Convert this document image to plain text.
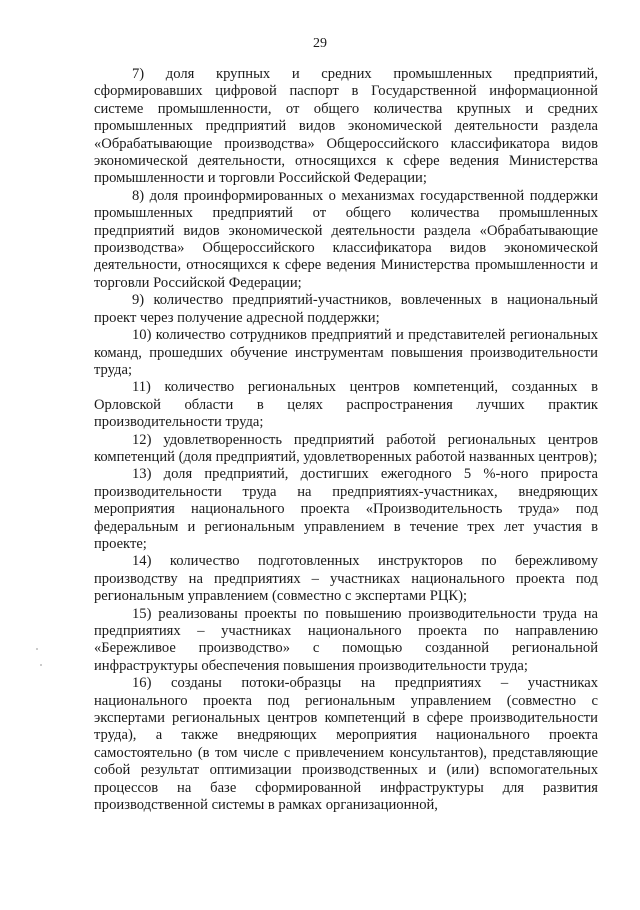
29

7)  доля  крупных  и  средних  промышленных  предприятий, сформировавших цифровой паспорт в Государственной информационной системе промышленности, от общего количества крупных и средних промышленных предприятий видов экономической деятельности раздела «Обрабатывающие производства» Общероссийского классификатора видов экономической деятельности, относящихся к сфере ведения Министерства промышленности и торговли Российской Федерации;

8) доля проинформированных о механизмах государственной поддержки промышленных предприятий от общего количества промышленных предприятий видов экономической деятельности раздела «Обрабатывающие производства» Общероссийского классификатора видов экономической деятельности, относящихся к сфере ведения Министерства промышленности и торговли Российской Федерации;

9) количество предприятий-участников, вовлеченных в национальный проект через получение адресной поддержки;

10) количество сотрудников предприятий и представителей региональных команд, прошедших обучение инструментам повышения производительности труда;

11) количество региональных центров компетенций, созданных в Орловской области в целях распространения лучших практик производительности труда;

12) удовлетворенность предприятий работой региональных центров компетенций (доля предприятий, удовлетворенных работой названных центров);

13) доля предприятий, достигших ежегодного 5 %-ного прироста производительности труда на предприятиях-участниках, внедряющих мероприятия национального проекта «Производительность труда» под федеральным и региональным управлением в течение трех лет участия в проекте;

14) количество подготовленных инструкторов по бережливому производству на предприятиях – участниках национального проекта под региональным управлением (совместно с экспертами РЦК);

15) реализованы проекты по повышению производительности труда на предприятиях – участниках национального проекта по направлению «Бережливое производство» с помощью созданной региональной инфраструктуры обеспечения повышения производительности труда;

16) созданы потоки-образцы на предприятиях – участниках национального проекта под региональным управлением (совместно с экспертами региональных центров компетенций в сфере производительности труда), а также внедряющих мероприятия национального проекта самостоятельно (в том числе с привлечением консультантов), представляющие собой результат оптимизации производственных и (или) вспомогательных процессов на базе сформированной инфраструктуры для развития производственной системы в рамках организационной,
